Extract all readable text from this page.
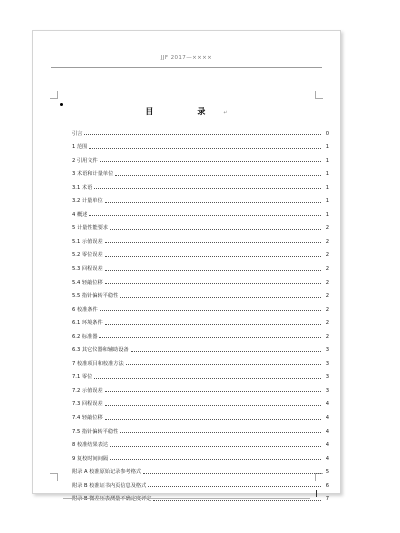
JJF 2017—××××
目　录↵
引言	0
1 范围	1
2 引用文件	1
3 术语和计量单位	1
3.1 术语	1
3.2 计量单位	1
4 概述	1
5 计量性能要求	2
5.1 示值误差	2
5.2 零位误差	2
5.3 回程误差	2
5.4 轻敲位移	2
5.5 指针偏转平稳性	2
6 校准条件	2
6.1 环境条件	2
6.2 标准器	2
6.3 其它仪器和辅助设备	3
7 校准项目和校准方法	3
7.1 零位	3
7.2 示值误差	3
7.3 回程误差	4
7.4 轻敲位移	4
7.5 指针偏转平稳性	4
8 校准结果表达	4
9 复校时间间隔	4
附录 A 校准原始记录参考格式	5
附录 B 校准证书内页信息及格式	6
附录 B 微差压表测量不确定度评定	7
